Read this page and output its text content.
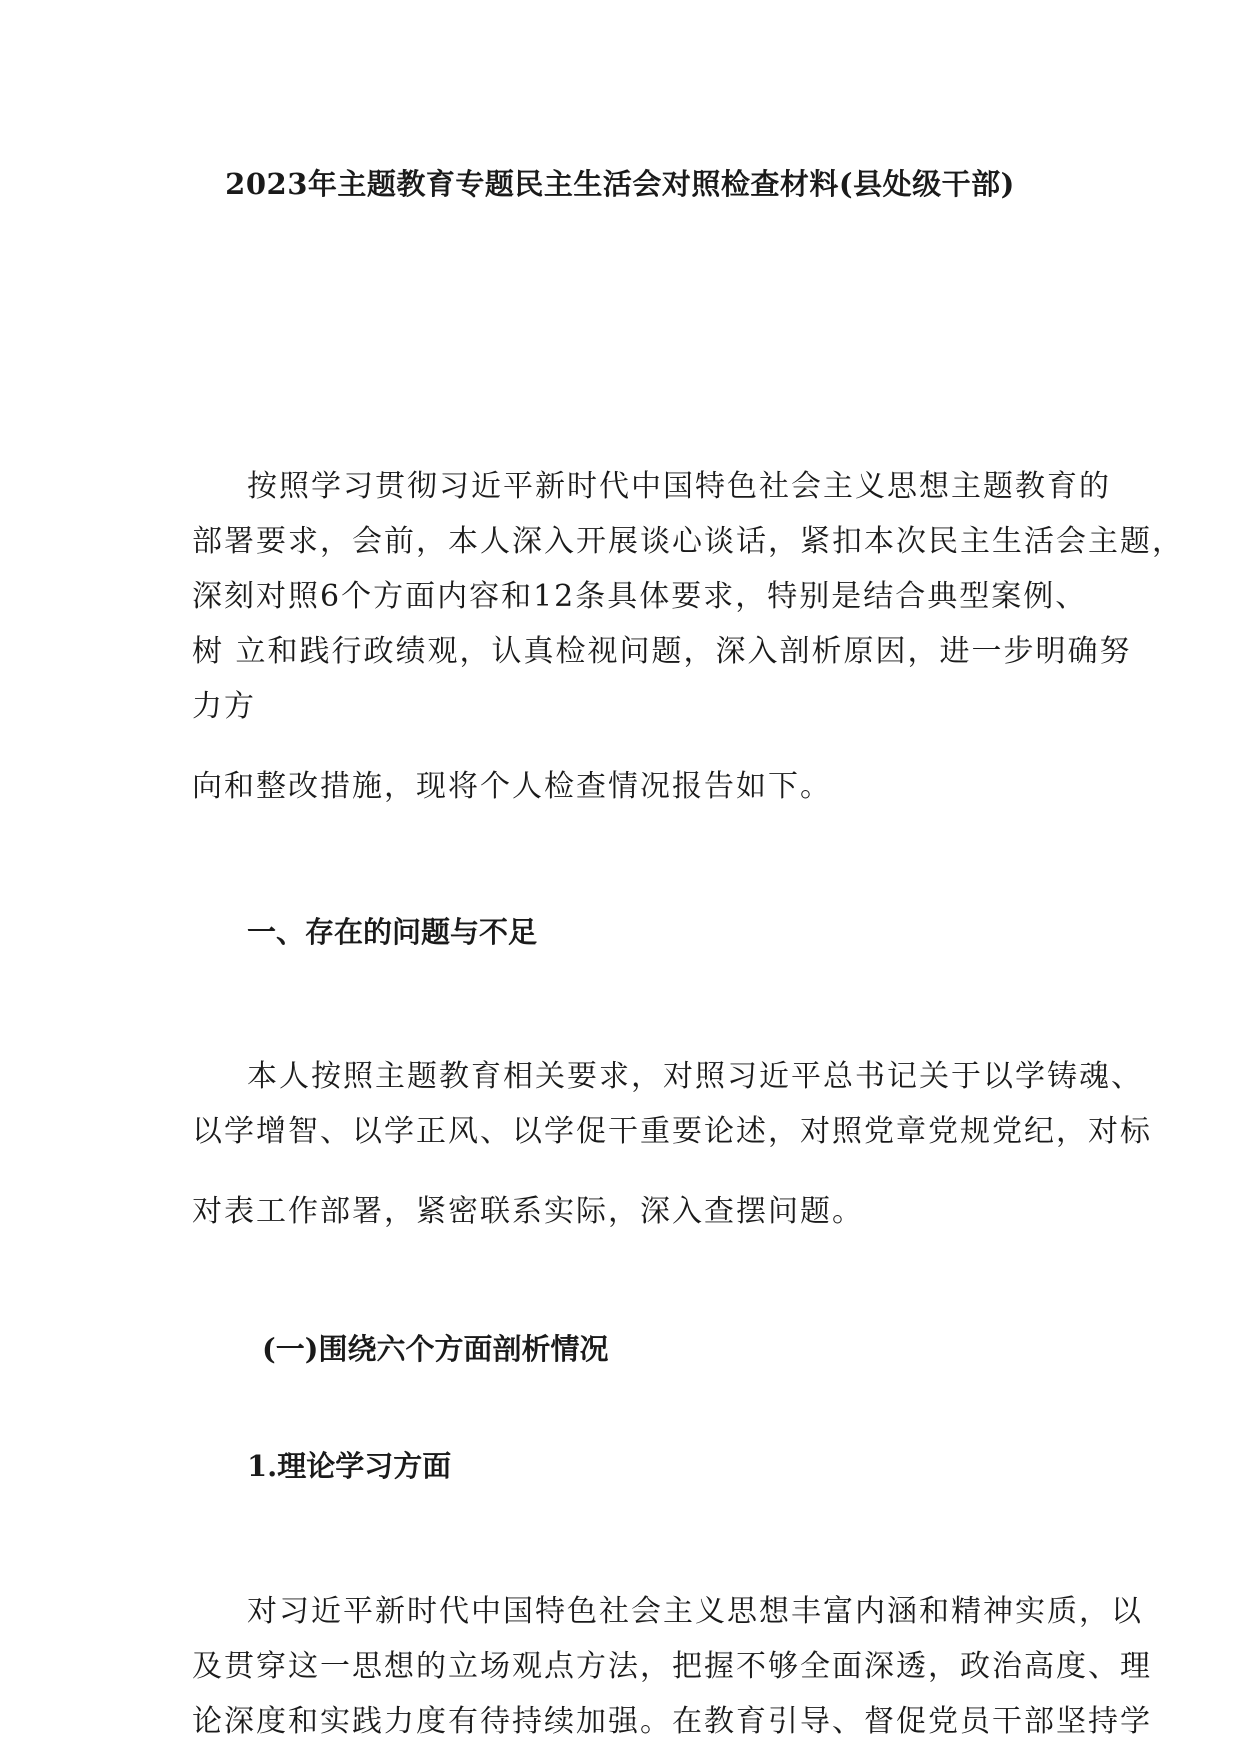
2023年主题教育专题民主生活会对照检查材料(县处级干部)
按照学习贯彻习近平新时代中国特色社会主义思想主题教育的
部署要求，会前，本人深入开展谈心谈话，紧扣本次民主生活会主题，
深刻对照6个方面内容和12条具体要求，特别是结合典型案例、
树 立和践行政绩观，认真检视问题，深入剖析原因，进一步明确努
力方
向和整改措施，现将个人检查情况报告如下。
一、存在的问题与不足
本人按照主题教育相关要求，对照习近平总书记关于以学铸魂、
以学增智、以学正风、以学促干重要论述，对照党章党规党纪，对标
对表工作部署，紧密联系实际，深入查摆问题。
(一)围绕六个方面剖析情况
1.理论学习方面
对习近平新时代中国特色社会主义思想丰富内涵和精神实质，以
及贯穿这一思想的立场观点方法，把握不够全面深透，政治高度、理
论深度和实践力度有待持续加强。在教育引导、督促党员干部坚持学
